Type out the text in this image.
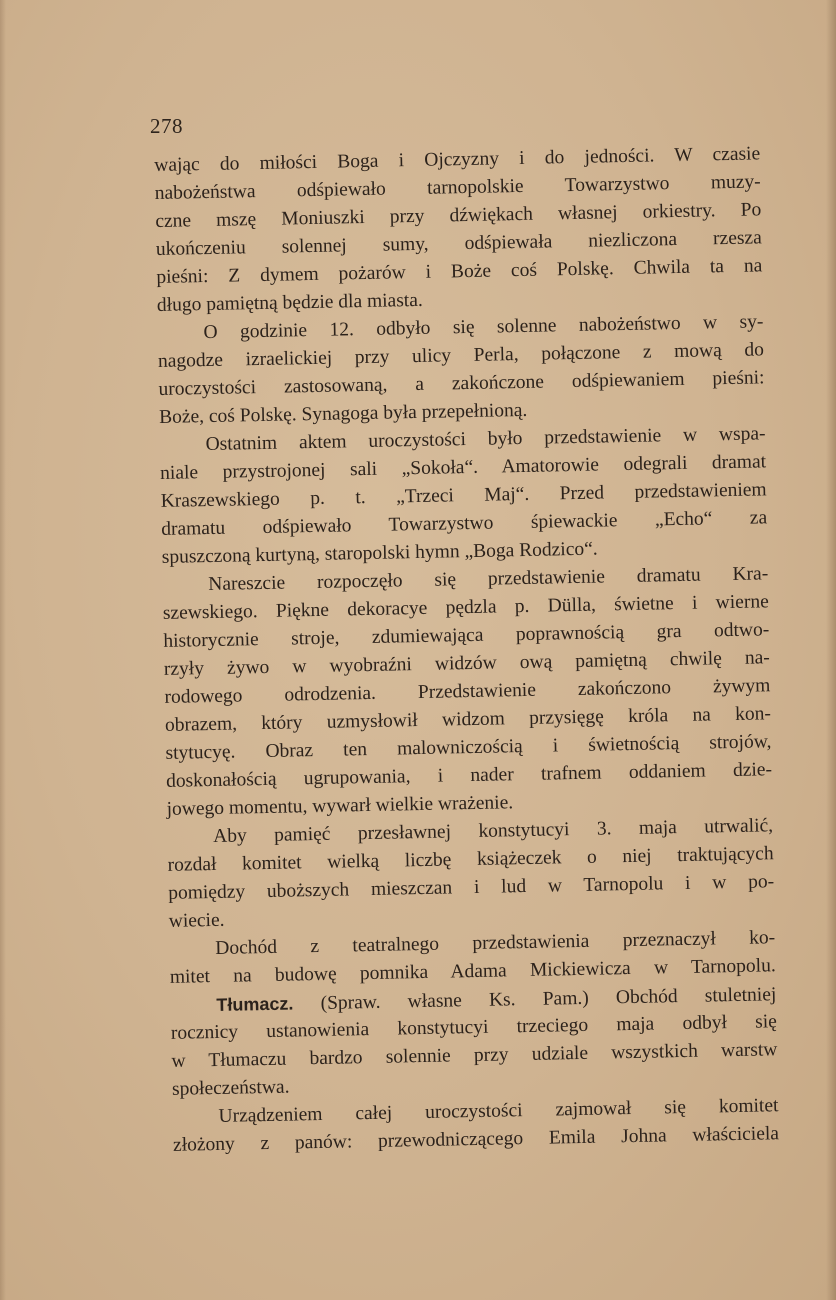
278
wając do miłości Boga i Ojczyzny i do jedności. W czasie
nabożeństwa odśpiewało tarnopolskie Towarzystwo muzy-
czne mszę Moniuszki przy dźwiękach własnej orkiestry. Po
ukończeniu solennej sumy, odśpiewała niezliczona rzesza
pieśni: Z dymem pożarów i Boże coś Polskę. Chwila ta na
długo pamiętną będzie dla miasta.
O godzinie 12. odbyło się solenne nabożeństwo w sy-
nagodze izraelickiej przy ulicy Perla, połączone z mową do
uroczystości zastosowaną, a zakończone odśpiewaniem pieśni:
Boże, coś Polskę. Synagoga była przepełnioną.
Ostatnim aktem uroczystości było przedstawienie w wspa-
niale przystrojonej sali „Sokoła“. Amatorowie odegrali dramat
Kraszewskiego p. t. „Trzeci Maj“. Przed przedstawieniem
dramatu odśpiewało Towarzystwo śpiewackie „Echo“ za
spuszczoną kurtyną, staropolski hymn „Boga Rodzico“.
Nareszcie rozpoczęło się przedstawienie dramatu Kra-
szewskiego. Piękne dekoracye pędzla p. Dülla, świetne i wierne
historycznie stroje, zdumiewająca poprawnością gra odtwo-
rzyły żywo w wyobraźni widzów ową pamiętną chwilę na-
rodowego odrodzenia. Przedstawienie zakończono żywym
obrazem, który uzmysłowił widzom przysięgę króla na kon-
stytucyę. Obraz ten malowniczością i świetnością strojów,
doskonałością ugrupowania, i nader trafnem oddaniem dzie-
jowego momentu, wywarł wielkie wrażenie.
Aby pamięć przesławnej konstytucyi 3. maja utrwalić,
rozdał komitet wielką liczbę książeczek o niej traktujących
pomiędzy uboższych mieszczan i lud w Tarnopolu i w po-
wiecie.
Dochód z teatralnego przedstawienia przeznaczył ko-
mitet na budowę pomnika Adama Mickiewicza w Tarnopolu.
Tłumacz. (Spraw. własne Ks. Pam.) Obchód stuletniej
rocznicy ustanowienia konstytucyi trzeciego maja odbył się
w Tłumaczu bardzo solennie przy udziale wszystkich warstw
społeczeństwa.
Urządzeniem całej uroczystości zajmował się komitet
złożony z panów: przewodniczącego Emila Johna właściciela
